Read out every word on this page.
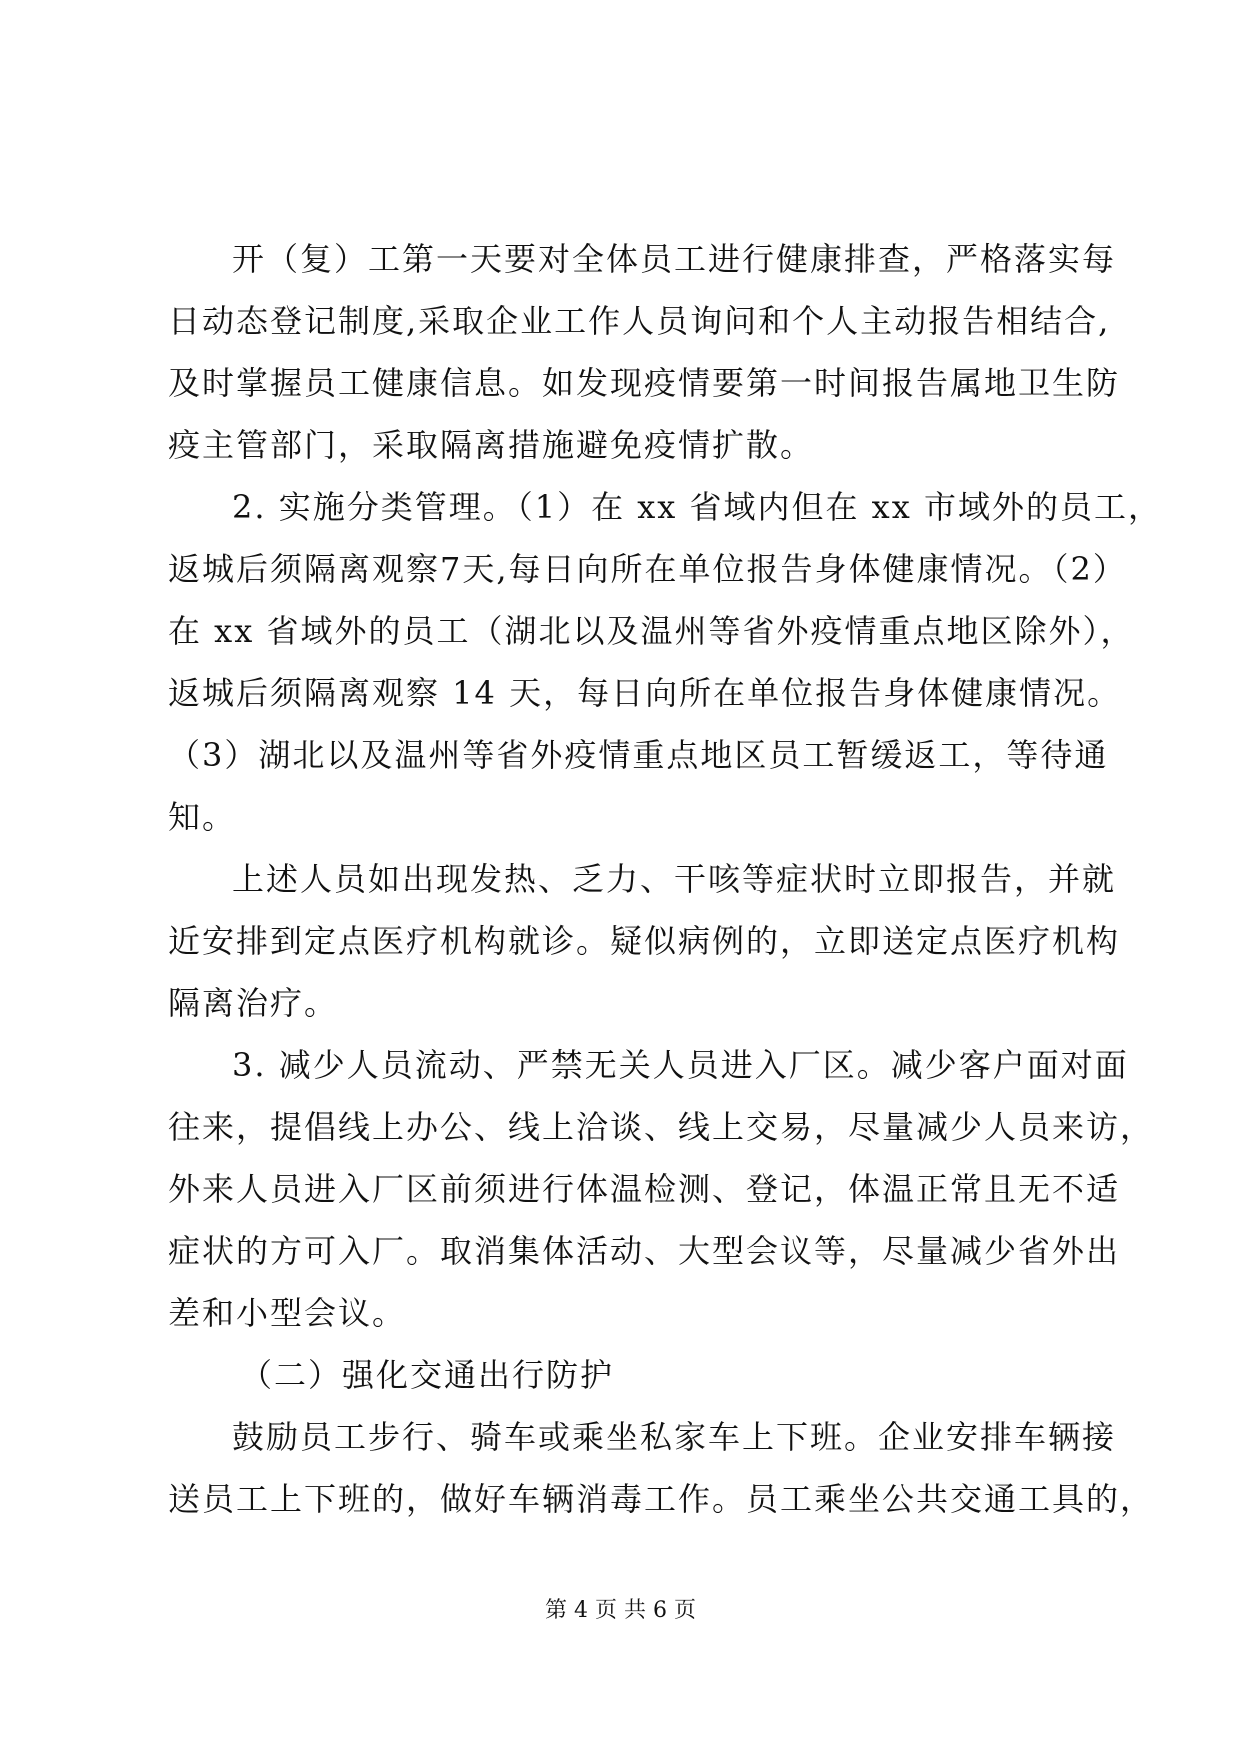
开（复）工第一天要对全体员工进行健康排查，严格落实每
日动态登记制度,采取企业工作人员询问和个人主动报告相结合,
及时掌握员工健康信息。如发现疫情要第一时间报告属地卫生防
疫主管部门，采取隔离措施避免疫情扩散。
2. 实施分类管理。（1）在 xx 省域内但在 xx 市域外的员工，
返城后须隔离观察7天,每日向所在单位报告身体健康情况。（2）
在 xx 省域外的员工（湖北以及温州等省外疫情重点地区除外），
返城后须隔离观察 14 天，每日向所在单位报告身体健康情况。
（3）湖北以及温州等省外疫情重点地区员工暂缓返工，等待通
知。
上述人员如出现发热、乏力、干咳等症状时立即报告，并就
近安排到定点医疗机构就诊。疑似病例的，立即送定点医疗机构
隔离治疗。
3. 减少人员流动、严禁无关人员进入厂区。减少客户面对面
往来，提倡线上办公、线上洽谈、线上交易，尽量减少人员来访，
外来人员进入厂区前须进行体温检测、登记，体温正常且无不适
症状的方可入厂。取消集体活动、大型会议等，尽量减少省外出
差和小型会议。
（二）强化交通出行防护
鼓励员工步行、骑车或乘坐私家车上下班。企业安排车辆接
送员工上下班的，做好车辆消毒工作。员工乘坐公共交通工具的，
第 4 页 共 6 页
